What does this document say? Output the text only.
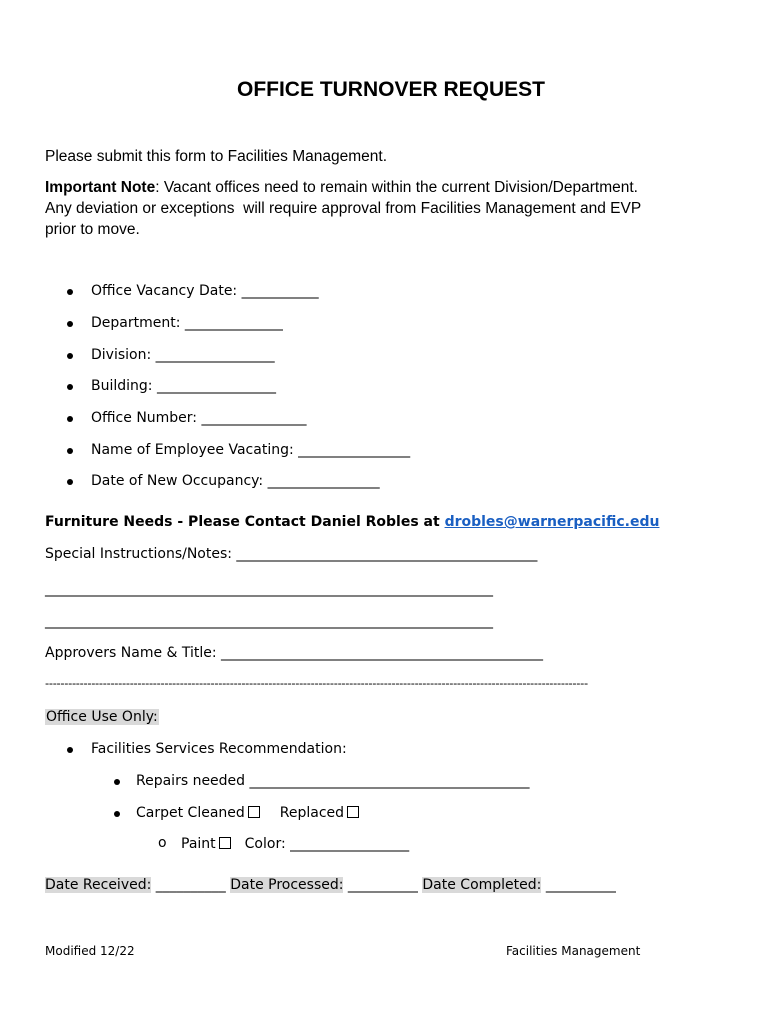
OFFICE TURNOVER REQUEST
Please submit this form to Facilities Management.
Important Note: Vacant offices need to remain within the current Division/Department.
Any deviation or exceptions  will require approval from Facilities Management and EVP
prior to move.
Office Vacancy Date: ___________
Department: ______________
Division: _________________
Building: _________________
Office Number: _______________
Name of Employee Vacating: ________________
Date of New Occupancy: ________________
Furniture Needs - Please Contact Daniel Robles at drobles@warnerpacific.edu
Special Instructions/Notes: ___________________________________________
________________________________________________________________
________________________________________________________________
Approvers Name & Title: ______________________________________________
---------------------------------------------------------------------------------------------------------------------------------------------
Office Use Only:
Facilities Services Recommendation:
Repairs needed ________________________________________
Carpet Cleaned	Replaced
o Paint Color: _________________
Date Received: __________ Date Processed: __________ Date Completed: __________
Modified 12/22	Facilities Management
